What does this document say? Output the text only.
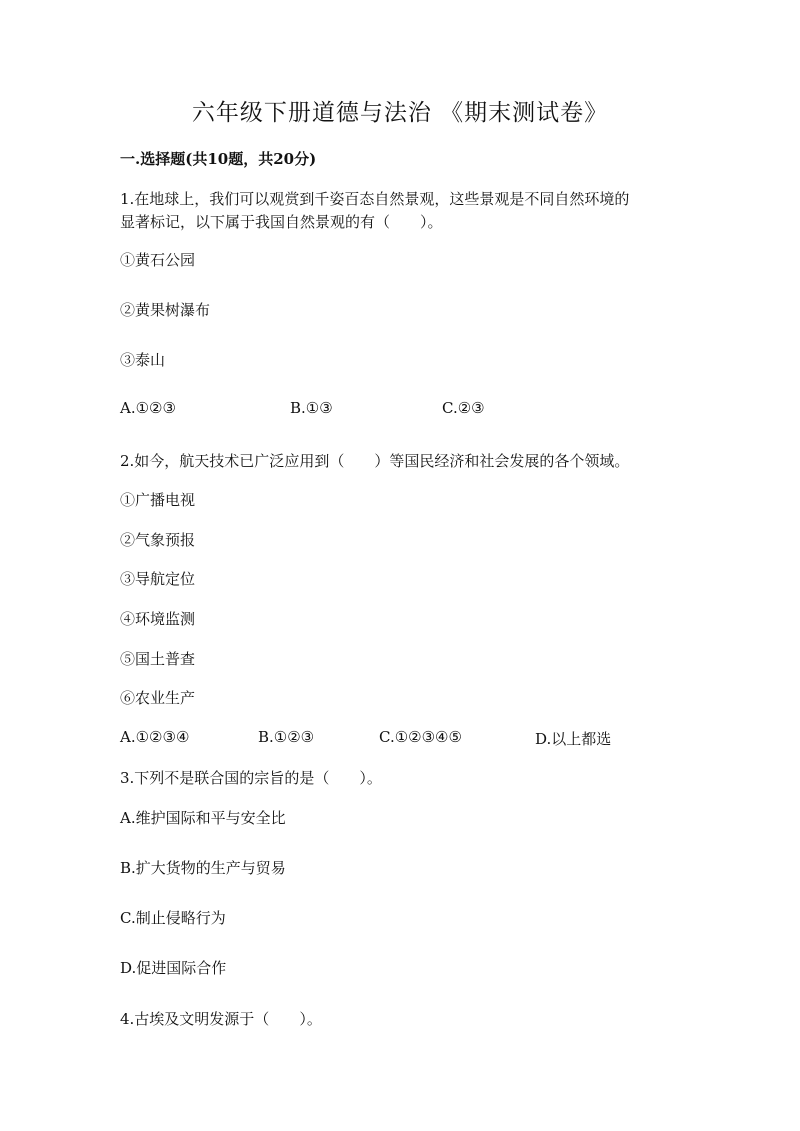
六年级下册道德与法治 《期末测试卷》
一.选择题(共10题，共20分)
1.在地球上，我们可以观赏到千姿百态自然景观，这些景观是不同自然环境的
显著标记，以下属于我国自然景观的有（　　）。
①黄石公园
②黄果树瀑布
③泰山
A.①②③	B.①③	C.②③
2.如今，航天技术已广泛应用到（　　）等国民经济和社会发展的各个领域。
①广播电视
②气象预报
③导航定位
④环境监测
⑤国土普查
⑥农业生产
A.①②③④	B.①②③	C.①②③④⑤	D.以上都选
3.下列不是联合国的宗旨的是（　　）。
A.维护国际和平与安全比
B.扩大货物的生产与贸易
C.制止侵略行为
D.促进国际合作
4.古埃及文明发源于（　　）。
